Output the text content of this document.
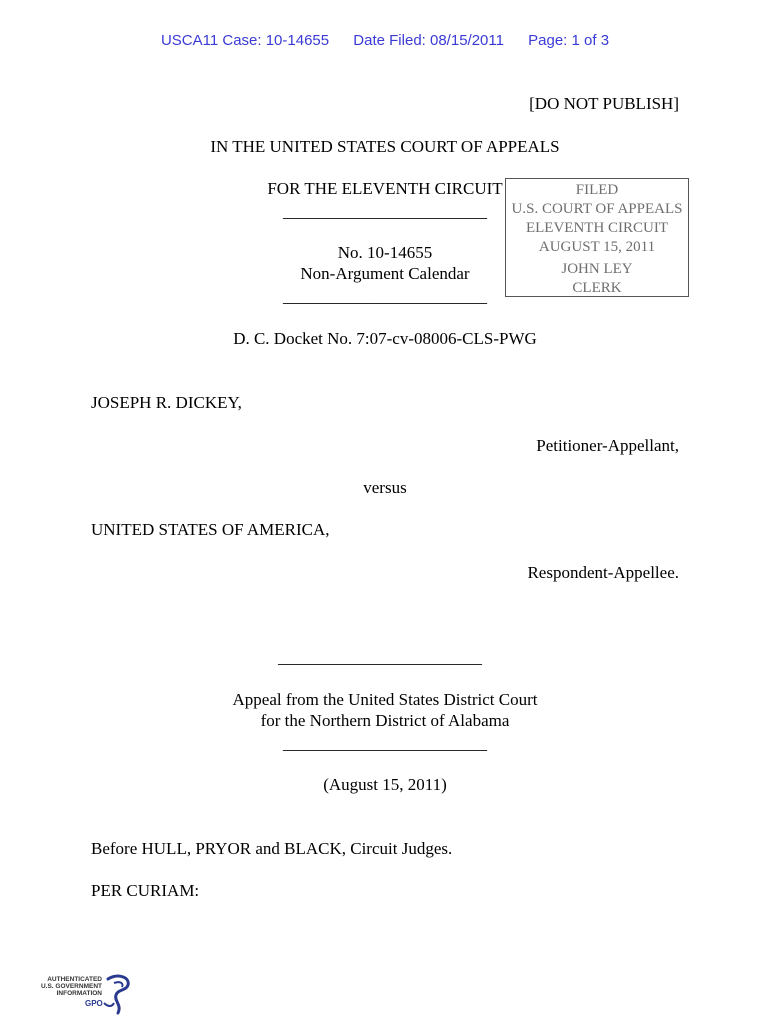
USCA11 Case: 10-14655 Date Filed: 08/15/2011 Page: 1 of 3
[DO NOT PUBLISH]
IN THE UNITED STATES COURT OF APPEALS
FOR THE ELEVENTH CIRCUIT
________________________
No. 10-14655
Non-Argument Calendar
________________________
FILED
U.S. COURT OF APPEALS
ELEVENTH CIRCUIT
AUGUST 15, 2011
JOHN LEY
CLERK
D. C. Docket No. 7:07-cv-08006-CLS-PWG
JOSEPH R. DICKEY,
Petitioner-Appellant,
versus
UNITED STATES OF AMERICA,
Respondent-Appellee.
________________________
Appeal from the United States District Court
for the Northern District of Alabama
________________________
(August 15, 2011)
Before HULL, PRYOR and BLACK, Circuit Judges.
PER CURIAM:
AUTHENTICATED
U.S. GOVERNMENT
INFORMATION
GPO
